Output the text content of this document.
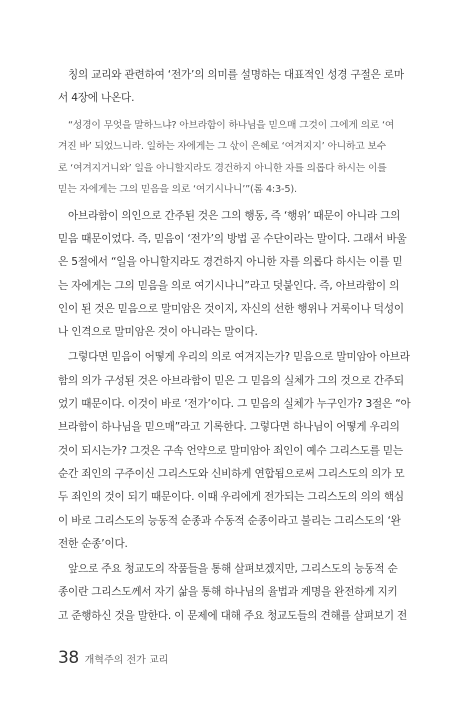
칭의 교리와 관련하여 ‘전가’의 의미를 설명하는 대표적인 성경 구절은 로마
서 4장에 나온다.
“성경이 무엇을 말하느냐? 아브라함이 하나님을 믿으매 그것이 그에게 의로 ‘여
겨진 바’ 되었느니라. 일하는 자에게는 그 삯이 은혜로 ‘여겨지지’ 아니하고 보수
로 ‘여겨지거니와’ 일을 아니할지라도 경건하지 아니한 자를 의롭다 하시는 이를
믿는 자에게는 그의 믿음을 의로 ‘여기시나니’”(롬 4:3-5).
아브라함이 의인으로 간주된 것은 그의 행동, 즉 ‘행위’ 때문이 아니라 그의
믿음 때문이었다. 즉, 믿음이 ‘전가’의 방법 곧 수단이라는 말이다. 그래서 바울
은 5절에서 “일을 아니할지라도 경건하지 아니한 자를 의롭다 하시는 이를 믿
는 자에게는 그의 믿음을 의로 여기시나니”라고 덧붙인다. 즉, 아브라함이 의
인이 된 것은 믿음으로 말미암은 것이지, 자신의 선한 행위나 거룩이나 덕성이
나 인격으로 말미암은 것이 아니라는 말이다.
그렇다면 믿음이 어떻게 우리의 의로 여겨지는가? 믿음으로 말미암아 아브라
함의 의가 구성된 것은 아브라함이 믿은 그 믿음의 실체가 그의 것으로 간주되
었기 때문이다. 이것이 바로 ‘전가’이다. 그 믿음의 실체가 누구인가? 3절은 “아
브라함이 하나님을 믿으매”라고 기록한다. 그렇다면 하나님이 어떻게 우리의
것이 되시는가? 그것은 구속 언약으로 말미암아 죄인이 예수 그리스도를 믿는
순간 죄인의 구주이신 그리스도와 신비하게 연합됨으로써 그리스도의 의가 모
두 죄인의 것이 되기 때문이다. 이때 우리에게 전가되는 그리스도의 의의 핵심
이 바로 그리스도의 능동적 순종과 수동적 순종이라고 불리는 그리스도의 ‘완
전한 순종’이다.
앞으로 주요 청교도의 작품들을 통해 살펴보겠지만, 그리스도의 능동적 순
종이란 그리스도께서 자기 삶을 통해 하나님의 율법과 계명을 완전하게 지키
고 준행하신 것을 말한다. 이 문제에 대해 주요 청교도들의 견해를 살펴보기 전
38 개혁주의 전가 교리
